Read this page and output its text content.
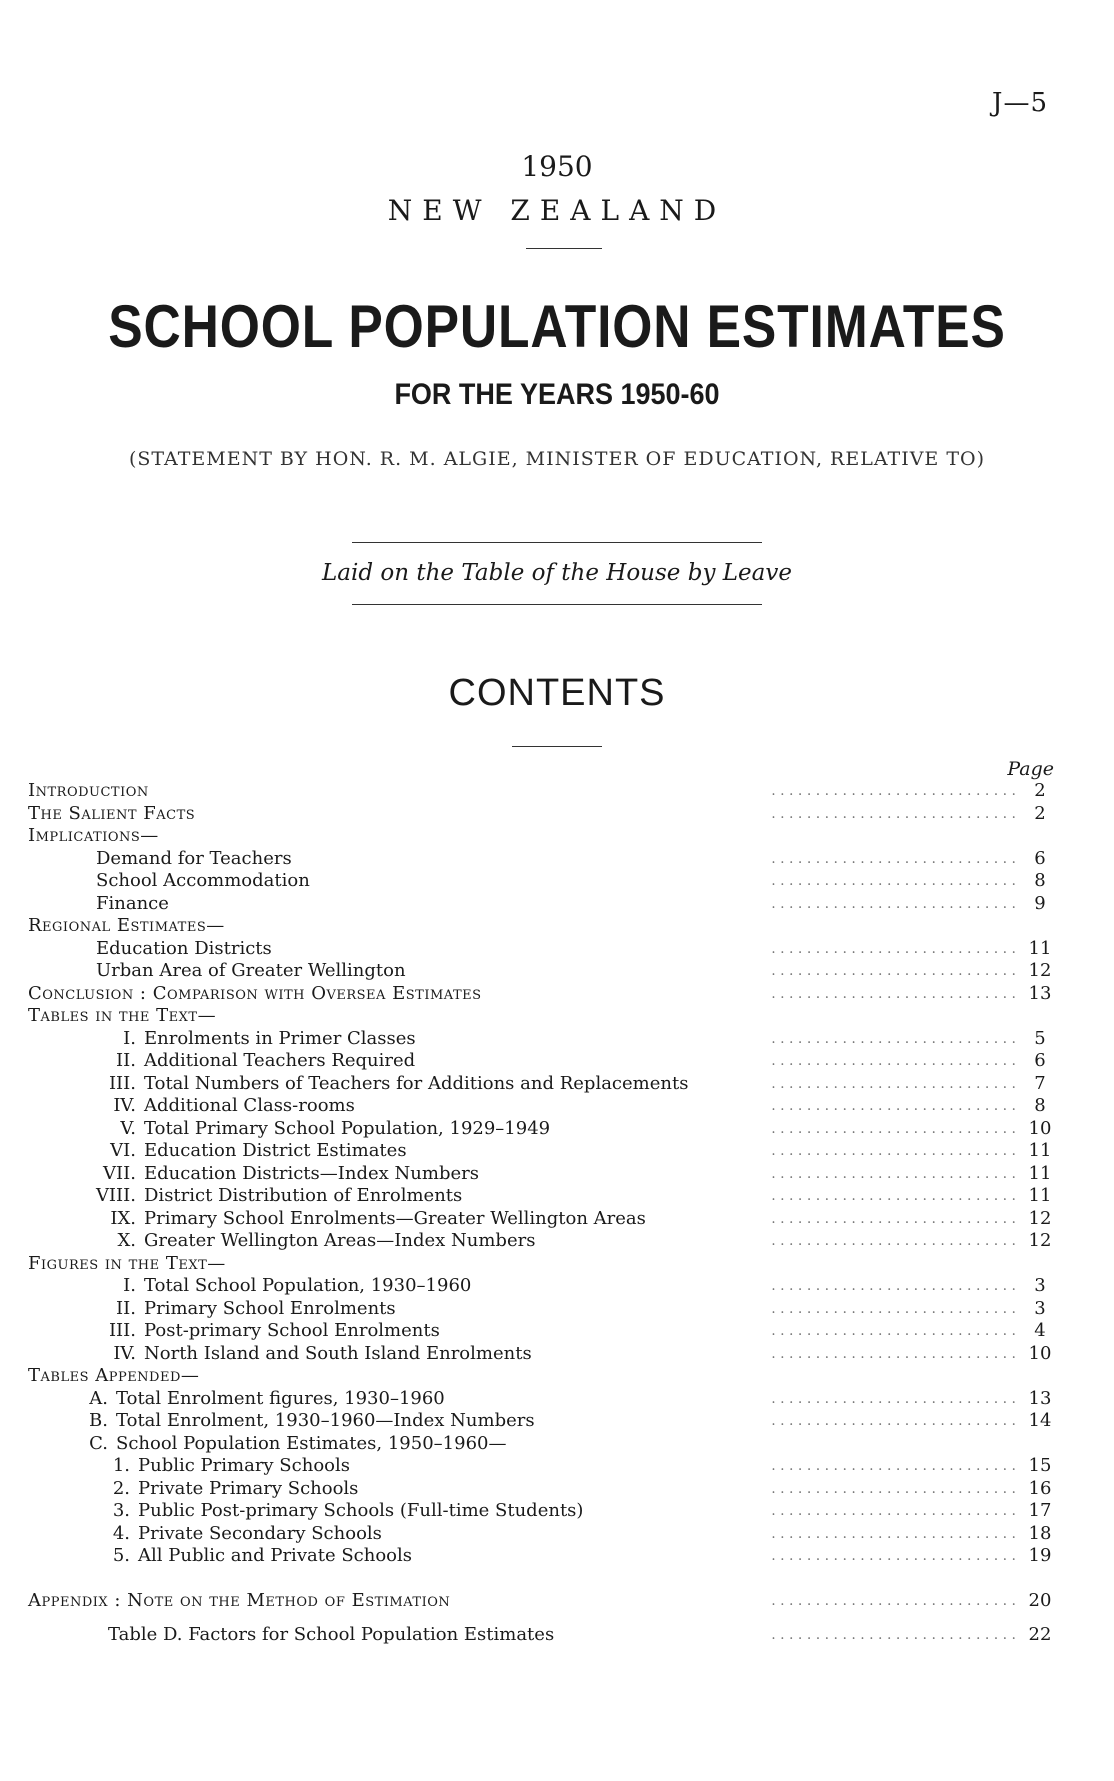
J—5
1950
NEW ZEALAND
SCHOOL POPULATION ESTIMATES
FOR THE YEARS 1950-60
(STATEMENT BY HON. R. M. ALGIE, MINISTER OF EDUCATION, RELATIVE TO)
Laid on the Table of the House by Leave
CONTENTS
Page
Introduction	. . . . . . . . . . . . . . . . . . . . . . . . . . . .	2
The Salient Facts	. . . . . . . . . . . . . . . . . . . . . . . . . . . .	2
Implications—
Demand for Teachers	. . . . . . . . . . . . . . . . . . . . . . . . . . . .	6
School Accommodation	. . . . . . . . . . . . . . . . . . . . . . . . . . . .	8
Finance	. . . . . . . . . . . . . . . . . . . . . . . . . . . .	9
Regional Estimates—
Education Districts	. . . . . . . . . . . . . . . . . . . . . . . . . . . . 11
Urban Area of Greater Wellington	. . . . . . . . . . . . . . . . . . . . . . . . . . . . 12
Conclusion : Comparison with Oversea Estimates	. . . . . . . . . . . . . . . . . . . . . . . . . . . . 13
Tables in the Text—
I. Enrolments in Primer Classes	. . . . . . . . . . . . . . . . . . . . . . . . . . . .	5
II. Additional Teachers Required	. . . . . . . . . . . . . . . . . . . . . . . . . . . .	6
III. Total Numbers of Teachers for Additions and Replacements	. . . . . . . . . . . . . . . . . . . . . . . . . . . .	7
IV. Additional Class-rooms	. . . . . . . . . . . . . . . . . . . . . . . . . . . .	8
V. Total Primary School Population, 1929–1949	. . . . . . . . . . . . . . . . . . . . . . . . . . . . 10
VI. Education District Estimates	. . . . . . . . . . . . . . . . . . . . . . . . . . . . 11
VII. Education Districts—Index Numbers	. . . . . . . . . . . . . . . . . . . . . . . . . . . . 11
VIII. District Distribution of Enrolments	. . . . . . . . . . . . . . . . . . . . . . . . . . . . 11
IX. Primary School Enrolments—Greater Wellington Areas	. . . . . . . . . . . . . . . . . . . . . . . . . . . . 12
X. Greater Wellington Areas—Index Numbers	. . . . . . . . . . . . . . . . . . . . . . . . . . . . 12
Figures in the Text—
I. Total School Population, 1930–1960	. . . . . . . . . . . . . . . . . . . . . . . . . . . .	3
II. Primary School Enrolments	. . . . . . . . . . . . . . . . . . . . . . . . . . . .	3
III. Post-primary School Enrolments	. . . . . . . . . . . . . . . . . . . . . . . . . . . .	4
IV. North Island and South Island Enrolments	. . . . . . . . . . . . . . . . . . . . . . . . . . . . 10
Tables Appended—
A. Total Enrolment figures, 1930–1960	. . . . . . . . . . . . . . . . . . . . . . . . . . . . 13
B. Total Enrolment, 1930–1960—Index Numbers	. . . . . . . . . . . . . . . . . . . . . . . . . . . . 14
C. School Population Estimates, 1950–1960—
1. Public Primary Schools	. . . . . . . . . . . . . . . . . . . . . . . . . . . . 15
2. Private Primary Schools	. . . . . . . . . . . . . . . . . . . . . . . . . . . . 16
3. Public Post-primary Schools (Full-time Students)	. . . . . . . . . . . . . . . . . . . . . . . . . . . . 17
4. Private Secondary Schools	. . . . . . . . . . . . . . . . . . . . . . . . . . . . 18
5. All Public and Private Schools	. . . . . . . . . . . . . . . . . . . . . . . . . . . . 19
Appendix : Note on the Method of Estimation	. . . . . . . . . . . . . . . . . . . . . . . . . . . . 20
Table D. Factors for School Population Estimates	. . . . . . . . . . . . . . . . . . . . . . . . . . . . 22
